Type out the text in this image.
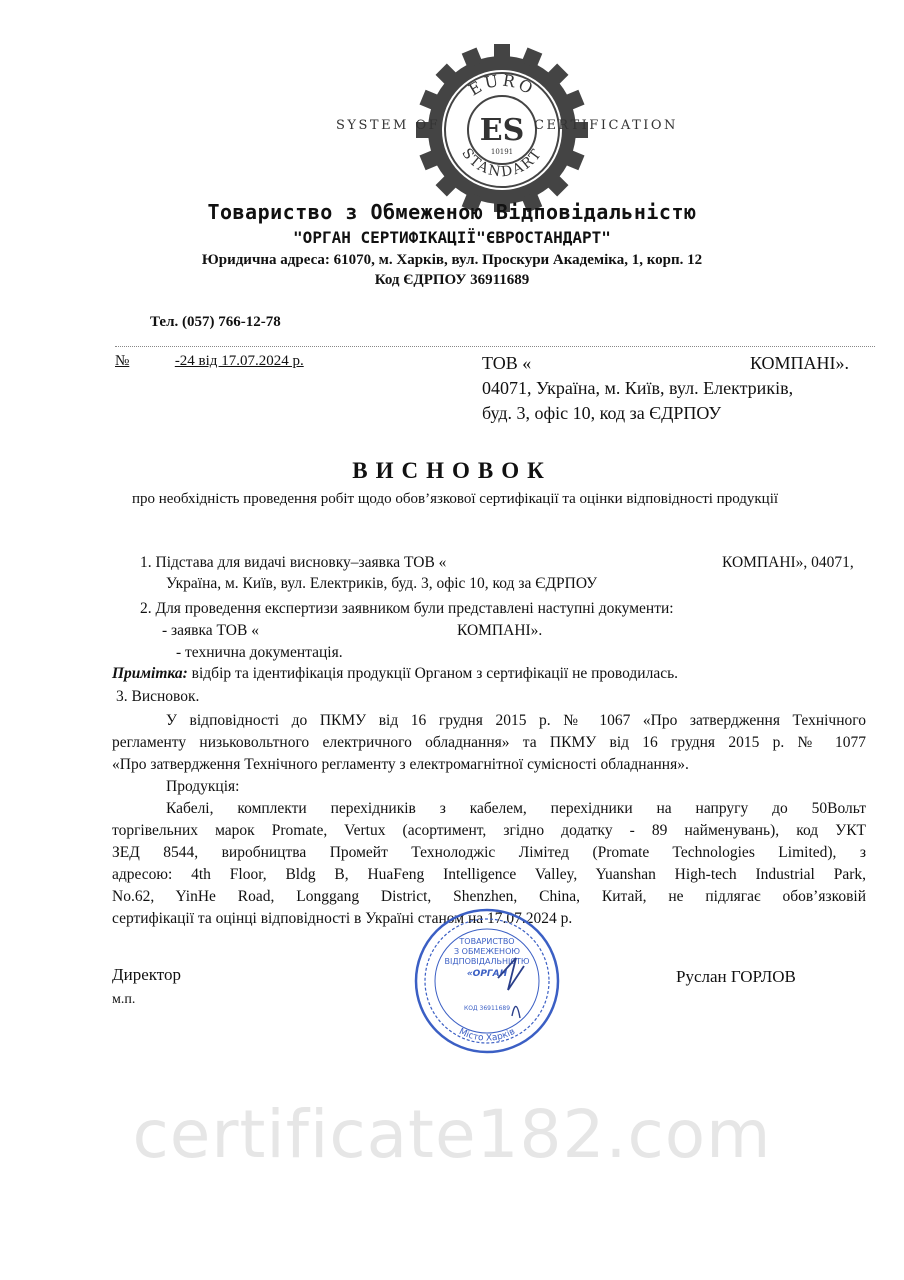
EURO
STANDART
ES
10191
SYSTEM OF	CERTIFICATION
Товариство з Обмеженою Відповідальністю
"ОРГАН СЕРТИФІКАЦІЇ"ЄВРОСТАНДАРТ"
Юридична адреса: 61070, м. Харків, вул. Проскури Академіка, 1, корп. 12
Код ЄДРПОУ 36911689
Тел. (057) 766-12-78
№	-24 від 17.07.2024 р.	ТОВ «	КОМПАНІ».
04071, Україна, м. Київ, вул. Електриків,
буд. 3, офіс 10, код за ЄДРПОУ
ВИСНОВОК
про необхідність проведення робіт щодо обов’язкової сертифікації та оцінки відповідності продукції
1. Підстава для видачі висновку–заявка ТОВ «	КОМПАНІ», 04071,
Україна, м. Київ, вул. Електриків, буд. 3, офіс 10, код за ЄДРПОУ
2. Для проведення експертизи заявником були представлені наступні документи:
- заявка ТОВ «	КОМПАНІ».
- технична документація.
Примітка: відбір та ідентифікація продукції Органом з сертифікації не проводилась.
3. Висновок.
У відповідності до ПКМУ від 16 грудня 2015 р. № 1067 «Про затвердження Технічного
регламенту низьковольтного електричного обладнання» та ПКМУ від 16 грудня 2015 р. № 1077
«Про затвердження Технічного регламенту з електромагнітної сумісності обладнання».
Продукція:
Кабелі, комплекти перехідників з кабелем, перехідники на напругу до 50Вольт
торгівельних марок Promate, Vertux (асортимент, згідно додатку - 89 найменувань), код УКТ
ЗЕД 8544, виробництва Промейт Технолоджіс Лімітед (Promate Technologies Limited), з
адресою: 4th Floor, Bldg B, HuaFeng Intelligence Valley, Yuanshan High-tech Industrial Park,
No.62, YinHe Road, Longgang District, Shenzhen, China, Китай, не підлягає обов’язковій
сертифікації та оцінці відповідності в Україні станом на 17.07.2024 р.
Місто Харків
ТОВАРИСТВО
З ОБМЕЖЕНОЮ
ВІДПОВІДАЛЬНІСТЮ
«ОРГАН
КОД 36911689
Директор
м.п.
Руслан ГОРЛОВ
certificate182.com
